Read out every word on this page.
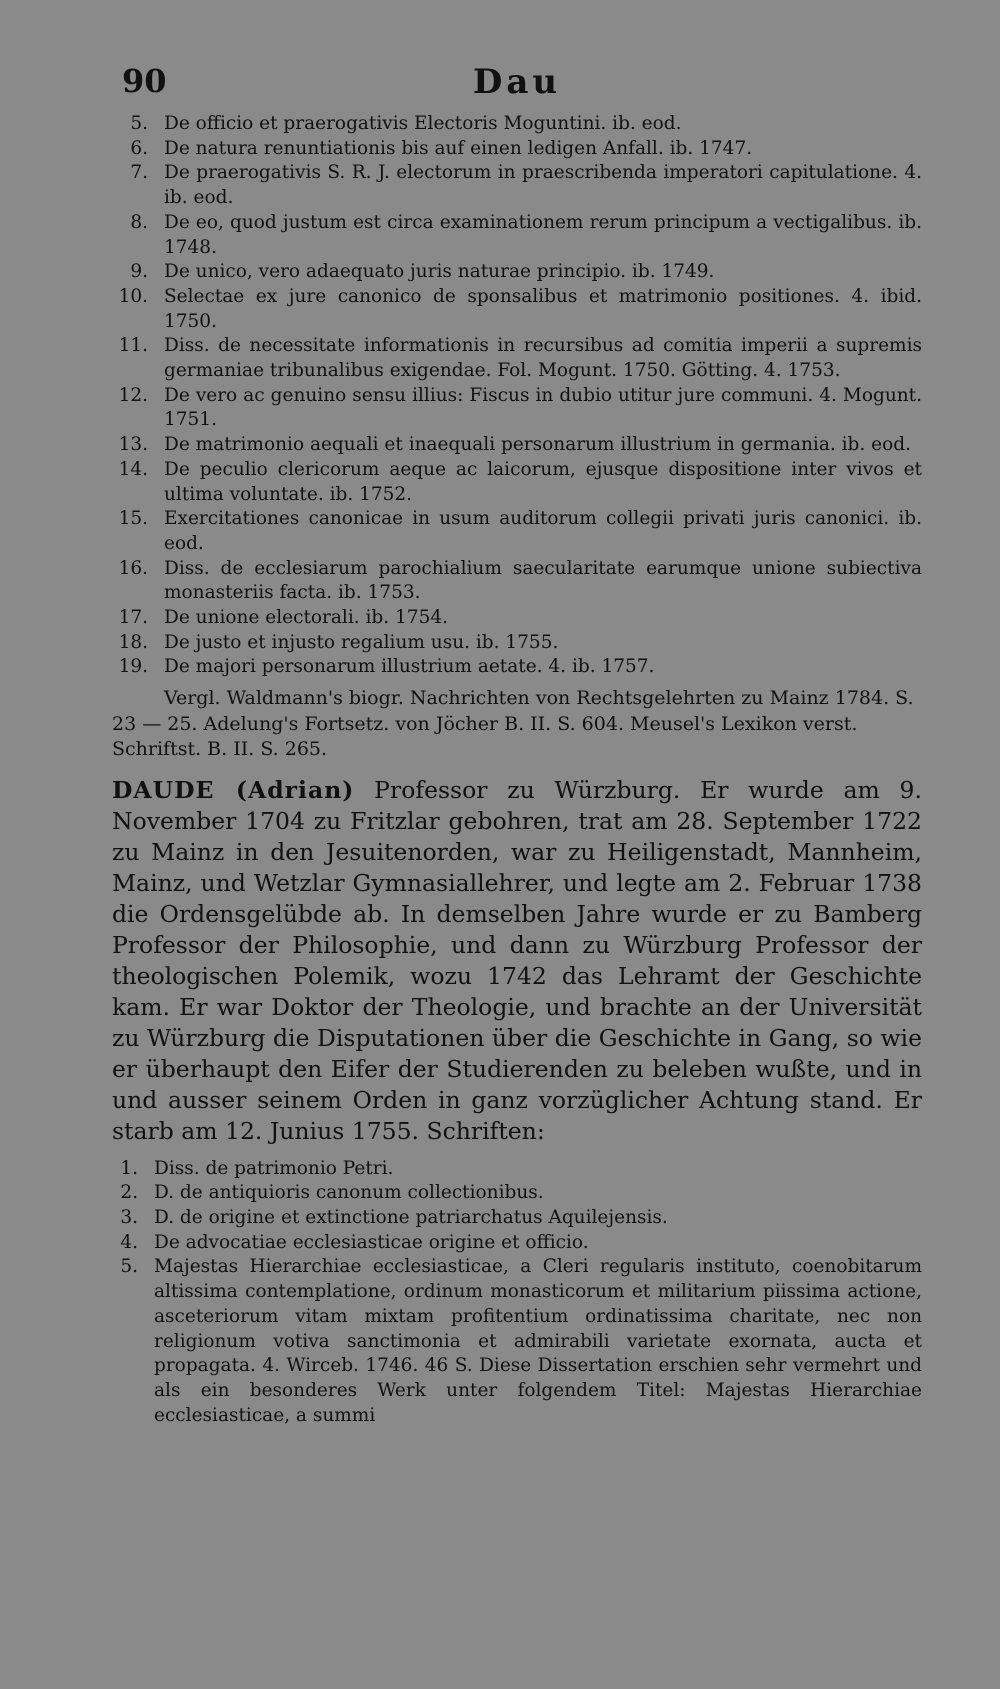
90	Dau
5. De officio et praerogativis Electoris Moguntini. ib. eod.
6. De natura renuntiationis bis auf einen ledigen Anfall. ib. 1747.
7. De praerogativis S. R. J. electorum in praescribenda imperatori capitulatione. 4. ib. eod.
8. De eo, quod justum est circa examinationem rerum principum a vectigalibus. ib. 1748.
9. De unico, vero adaequato juris naturae principio. ib. 1749.
10. Selectae ex jure canonico de sponsalibus et matrimonio positiones. 4. ibid. 1750.
11. Diss. de necessitate informationis in recursibus ad comitia imperii a supremis germaniae tribunalibus exigendae. Fol. Mogunt. 1750. Götting. 4. 1753.
12. De vero ac genuino sensu illius: Fiscus in dubio utitur jure communi. 4. Mogunt. 1751.
13. De matrimonio aequali et inaequali personarum illustrium in germania. ib. eod.
14. De peculio clericorum aeque ac laicorum, ejusque dispositione inter vivos et ultima voluntate. ib. 1752.
15. Exercitationes canonicae in usum auditorum collegii privati juris canonici. ib. eod.
16. Diss. de ecclesiarum parochialium saecularitate earumque unione subiectiva monasteriis facta. ib. 1753.
17. De unione electorali. ib. 1754.
18. De justo et injusto regalium usu. ib. 1755.
19. De majori personarum illustrium aetate. 4. ib. 1757.

Vergl. Waldmann's biogr. Nachrichten von Rechtsgelehrten zu Mainz 1784. S. 23 — 25. Adelung's Fortsetz. von Jöcher B. II. S. 604. Meusel's Lexikon verst. Schriftst. B. II. S. 265.

DAUDE (Adrian) Professor zu Würzburg. Er wurde am 9. November 1704 zu Fritzlar gebohren, trat am 28. September 1722 zu Mainz in den Jesuitenorden, war zu Heiligenstadt, Mannheim, Mainz, und Wetzlar Gymnasiallehrer, und legte am 2. Februar 1738 die Ordensgelübde ab. In demselben Jahre wurde er zu Bamberg Professor der Philosophie, und dann zu Würzburg Professor der theologischen Polemik, wozu 1742 das Lehramt der Geschichte kam. Er war Doktor der Theologie, und brachte an der Universität zu Würzburg die Disputationen über die Geschichte in Gang, so wie er überhaupt den Eifer der Studierenden zu beleben wußte, und in und ausser seinem Orden in ganz vorzüglicher Achtung stand. Er starb am 12. Junius 1755. Schriften:

1. Diss. de patrimonio Petri.
2. D. de antiquioris canonum collectionibus.
3. D. de origine et extinctione patriarchatus Aquilejensis.
4. De advocatiae ecclesiasticae origine et officio.
5. Majestas Hierarchiae ecclesiasticae, a Cleri regularis instituto, coenobitarum altissima contemplatione, ordinum monasticorum et militarium piissima actione, asceteriorum vitam mixtam profitentium ordinatissima charitate, nec non religionum votiva sanctimonia et admirabili varietate exornata, aucta et propagata. 4. Wirceb. 1746. 46 S. Diese Dissertation erschien sehr vermehrt und als ein besonderes Werk unter folgendem Titel: Majestas Hierarchiae ecclesiasticae, a summi
